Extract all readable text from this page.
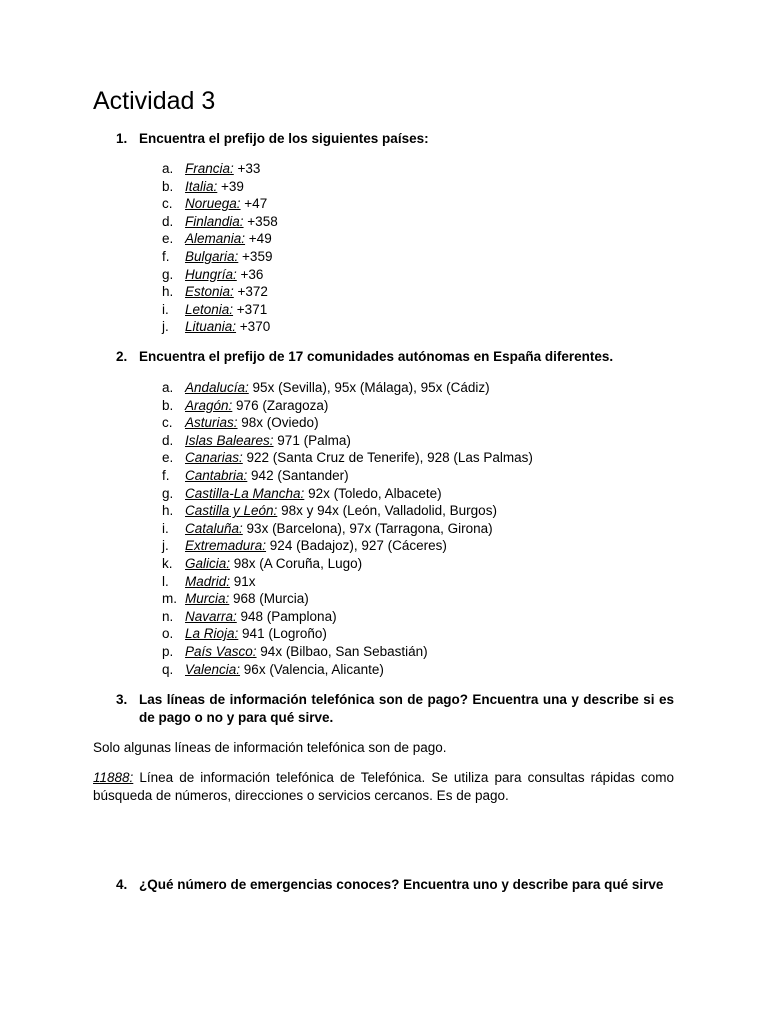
Actividad 3
1. Encuentra el prefijo de los siguientes países:
a. Francia: +33
b. Italia: +39
c. Noruega: +47
d. Finlandia: +358
e. Alemania: +49
f. Bulgaria: +359
g. Hungría: +36
h. Estonia: +372
i. Letonia: +371
j. Lituania: +370
2. Encuentra el prefijo de 17 comunidades autónomas en España diferentes.
a. Andalucía: 95x (Sevilla), 95x (Málaga), 95x (Cádiz)
b. Aragón: 976 (Zaragoza)
c. Asturias: 98x (Oviedo)
d. Islas Baleares: 971 (Palma)
e. Canarias: 922 (Santa Cruz de Tenerife), 928 (Las Palmas)
f. Cantabria: 942 (Santander)
g. Castilla-La Mancha: 92x (Toledo, Albacete)
h. Castilla y León: 98x y 94x (León, Valladolid, Burgos)
i. Cataluña: 93x (Barcelona), 97x (Tarragona, Girona)
j. Extremadura: 924 (Badajoz), 927 (Cáceres)
k. Galicia: 98x (A Coruña, Lugo)
l. Madrid: 91x
m. Murcia: 968 (Murcia)
n. Navarra: 948 (Pamplona)
o. La Rioja: 941 (Logroño)
p. País Vasco: 94x (Bilbao, San Sebastián)
q. Valencia: 96x (Valencia, Alicante)
3. Las líneas de información telefónica son de pago? Encuentra una y describe si es de pago o no y para qué sirve.

Solo algunas líneas de información telefónica son de pago.

11888: Línea de información telefónica de Telefónica. Se utiliza para consultas rápidas como búsqueda de números, direcciones o servicios cercanos. Es de pago.

4. ¿Qué número de emergencias conoces? Encuentra uno y describe para qué sirve
